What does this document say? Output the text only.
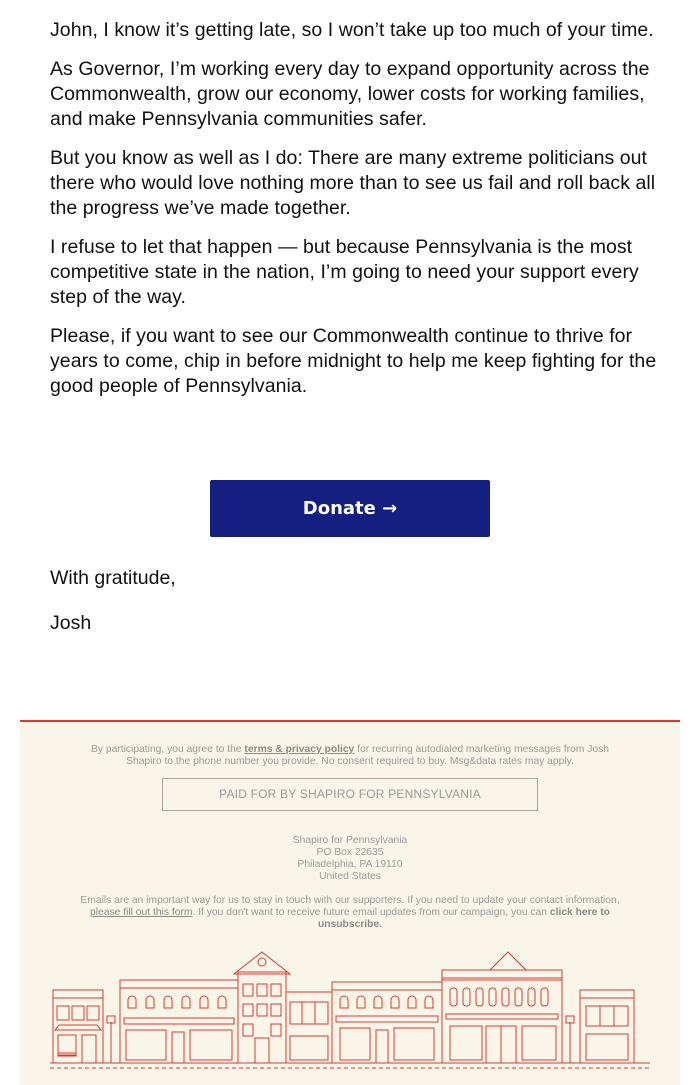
John, I know it’s getting late, so I won’t take up too much of your time.

As Governor, I’m working every day to expand opportunity across the Commonwealth, grow our economy, lower costs for working families, and make Pennsylvania communities safer.

But you know as well as I do: There are many extreme politicians out there who would love nothing more than to see us fail and roll back all the progress we’ve made together.

I refuse to let that happen — but because Pennsylvania is the most competitive state in the nation, I’m going to need your support every step of the way.

Please, if you want to see our Commonwealth continue to thrive for years to come, chip in before midnight to help me keep fighting for the good people of Pennsylvania.

Donate →

With gratitude,

Josh

By participating, you agree to the terms & privacy policy for recurring autodialed marketing messages from Josh Shapiro to the phone number you provide. No consent required to buy. Msg&data rates may apply.
PAID FOR BY SHAPIRO FOR PENNSYLVANIA
Shapiro for Pennsylvania
PO Box 22635
Philadelphia, PA 19110
United States
Emails are an important way for us to stay in touch with our supporters. If you need to update your contact information, please fill out this form. If you don't want to receive future email updates from our campaign, you can click here to unsubscribe.
